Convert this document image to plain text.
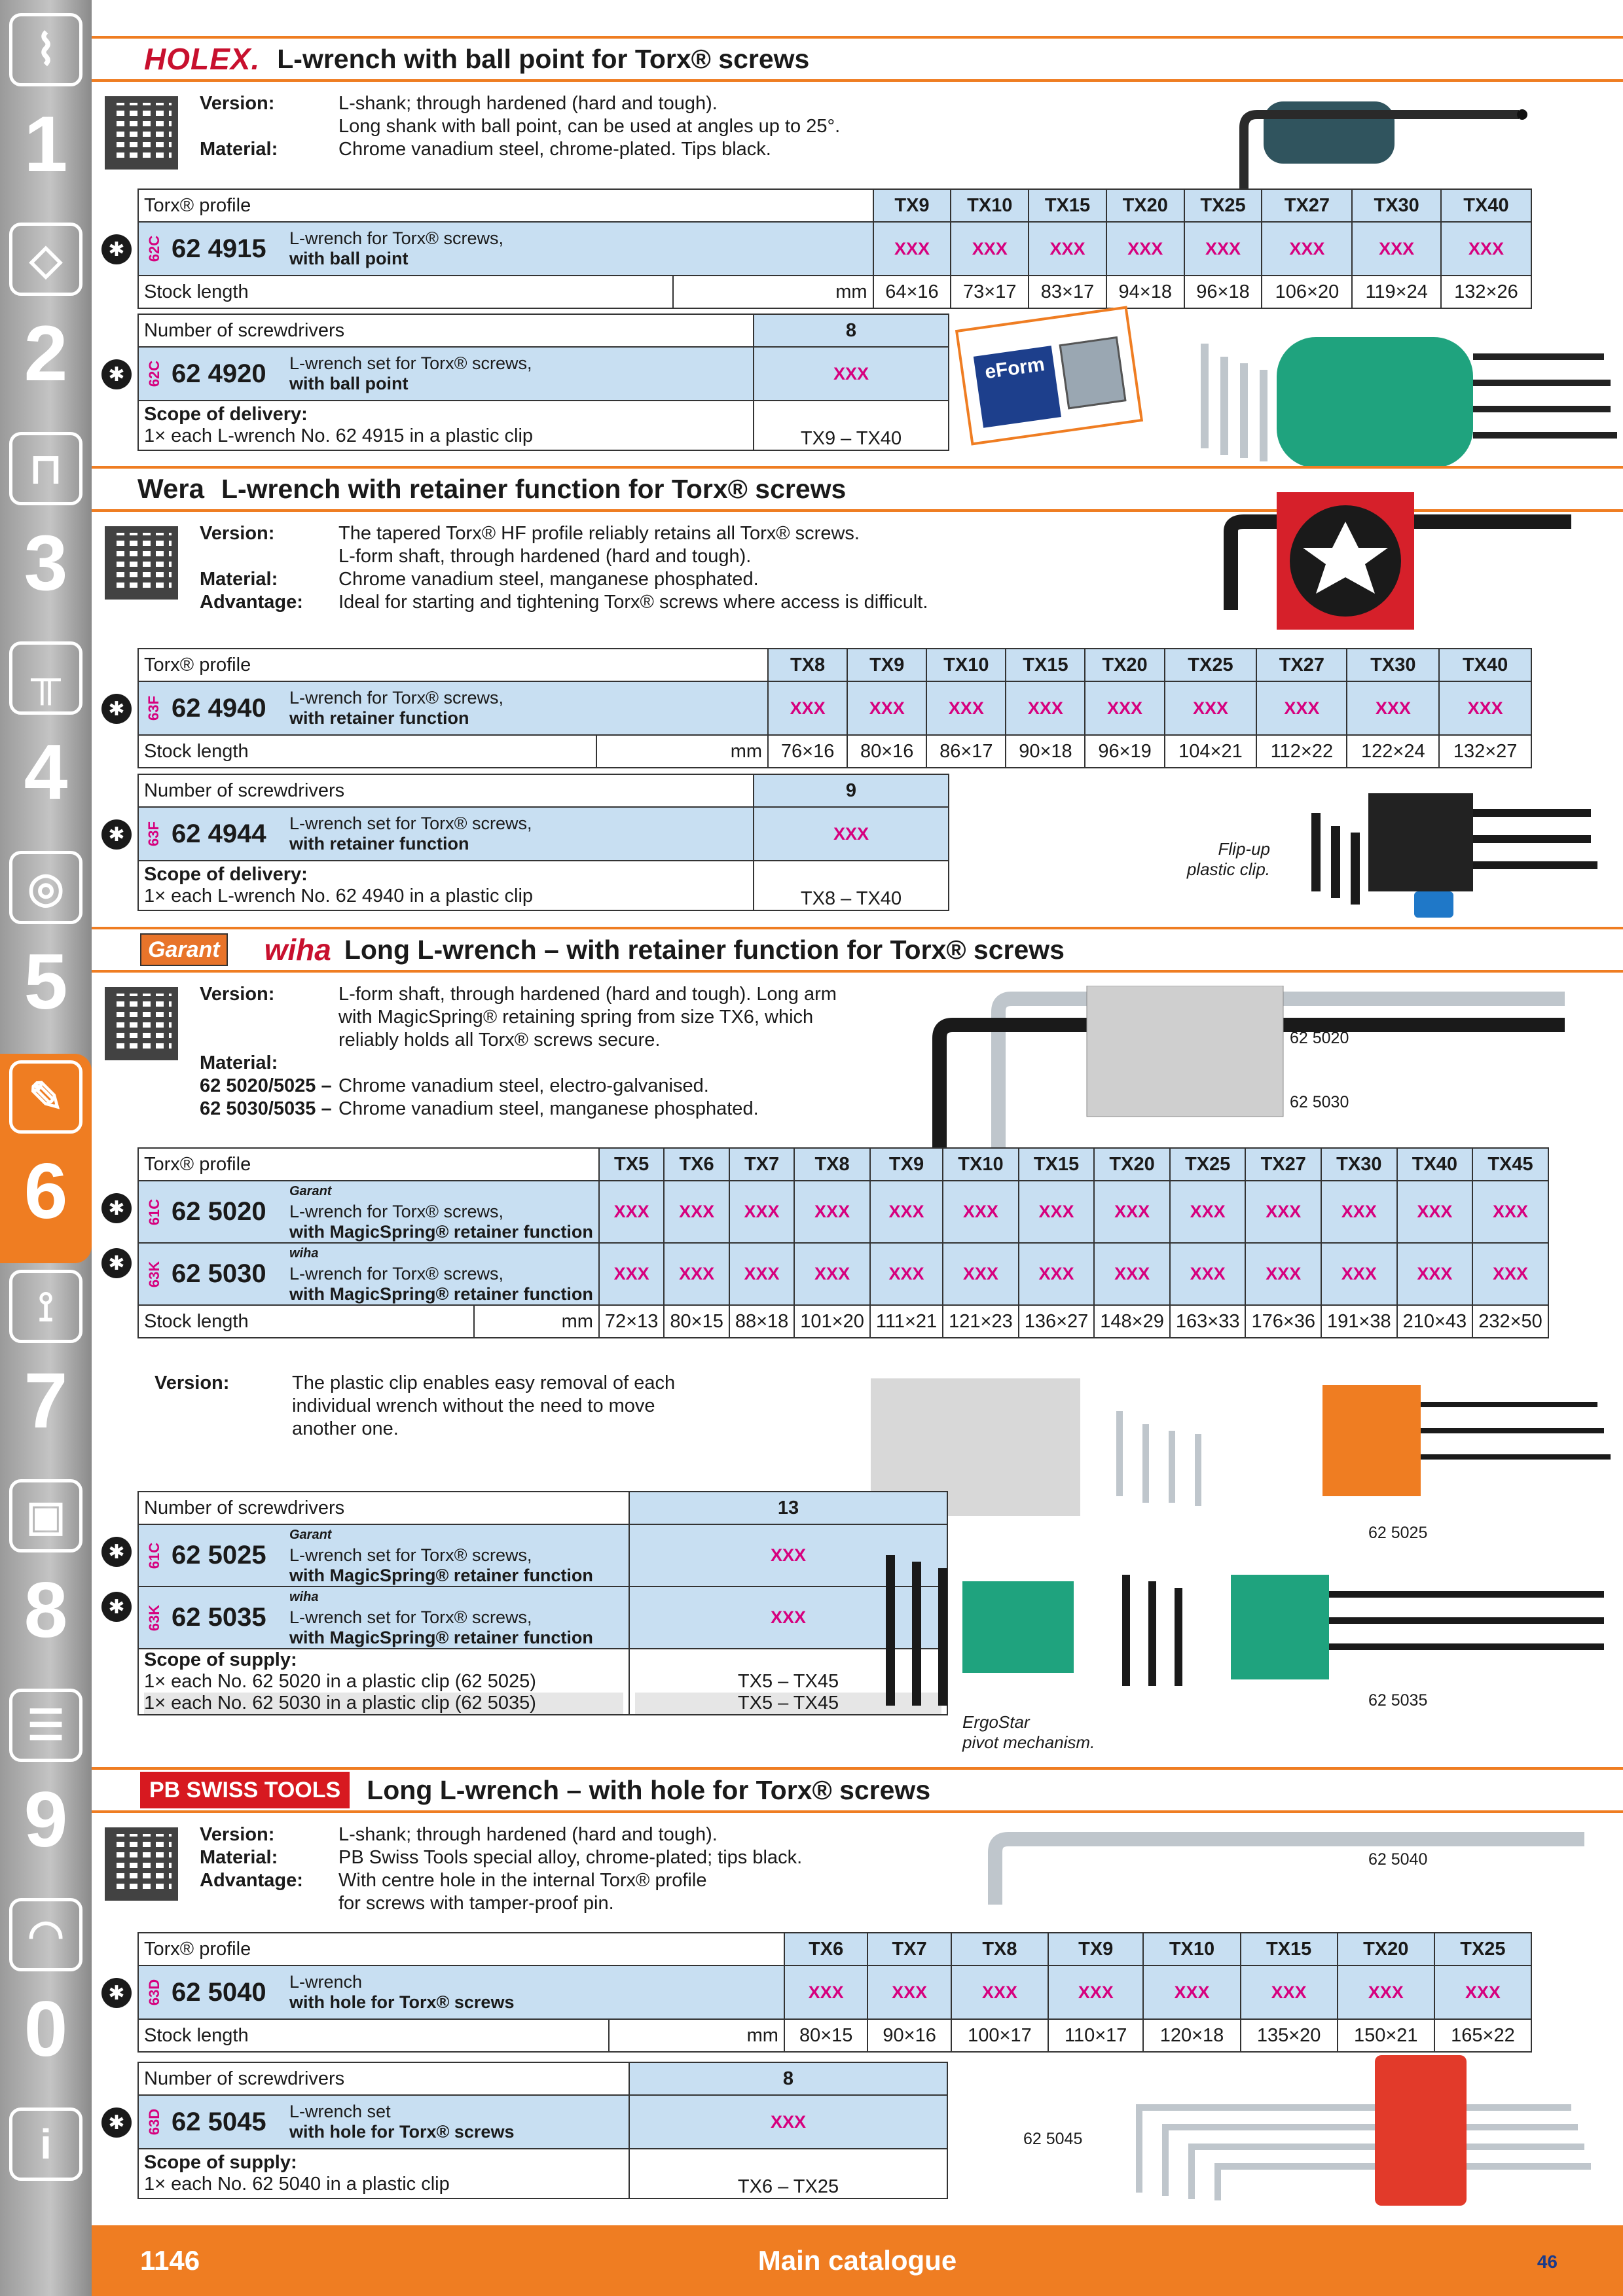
⌇
1
◇
2
⊓
3
╥
4
◎
5
✎
6
⟟
7
▣
8
☰
9
◠
0
i
HOLEX. L-wrench with ball point for Torx® screws
Version:	L-shank; through hardened (hard and tough).
Long shank with ball point, can be used at angles up to 25°.
Material:	Chrome vanadium steel, chrome-plated. Tips black.
Torx® profile		TX9	TX10	TX15	TX20	TX25	TX27	TX30	TX40

62C 62 4915 L-wrench for Torx® screws,
with ball point		XXX	XXX	XXX	XXX	XXX	XXX	XXX	XXX
Stock length	mm	64×16	73×17	83×17	94×18	96×18	106×20	119×24	132×26
Number of screwdrivers	8

62C 62 4920 L-wrench set for Torx® screws,
with ball point	XXX

Scope of delivery:
1× each L-wrench No. 62 4915 in a plastic clip	TX9 – TX40
eForm
Wera L-wrench with retainer function for Torx® screws
Version:	The tapered Torx® HF profile reliably retains all Torx® screws.
L-form shaft, through hardened (hard and tough).
Material:	Chrome vanadium steel, manganese phosphated.
Advantage:	Ideal for starting and tightening Torx® screws where access is difficult.
Torx® profile		TX8	TX9	TX10	TX15	TX20	TX25	TX27	TX30	TX40

63F 62 4940 L-wrench for Torx® screws,
with retainer function		XXX	XXX	XXX	XXX	XXX	XXX	XXX	XXX	XXX
Stock length	mm	76×16	80×16	86×17	90×18	96×19	104×21	112×22	122×24	132×27
Number of screwdrivers	9

63F 62 4944 L-wrench set for Torx® screws,
with retainer function	XXX

Scope of delivery:
1× each L-wrench No. 62 4940 in a plastic clip	TX8 – TX40
Flip-up
plastic clip.
Garant wiha Long L-wrench – with retainer function for Torx® screws
Version:	L-form shaft, through hardened (hard and tough). Long arm
with MagicSpring® retaining spring from size TX6, which
reliably holds all Torx® screws secure.
Material:
62 5020/5025 – Chrome vanadium steel, electro-galvanised.
62 5030/5035 – Chrome vanadium steel, manganese phosphated.
62 5020
62 5030
Torx® profile		TX5	TX6	TX7	TX8	TX9	TX10	TX15	TX20	TX25	TX27	TX30	TX40	TX45

61C 62 5020
Garant
L-wrench for Torx® screws,
with MagicSpring® retainer function		XXX	XXX	XXX	XXX	XXX	XXX	XXX	XXX	XXX	XXX	XXX	XXX	XXX

63K 62 5030
wiha
L-wrench for Torx® screws,
with MagicSpring® retainer function		XXX	XXX	XXX	XXX	XXX	XXX	XXX	XXX	XXX	XXX	XXX	XXX	XXX
Stock length	mm	72×13	80×15	88×18	101×20	111×21	121×23	136×27	148×29	163×33	176×36	191×38	210×43	232×50
Version:	The plastic clip enables easy removal of each
individual wrench without the need to move
another one.
62 5025
Number of screwdrivers	13

61C 62 5025
Garant
L-wrench set for Torx® screws,
with MagicSpring® retainer function	XXX

63K 62 5035
wiha
L-wrench set for Torx® screws,
with MagicSpring® retainer function	XXX

Scope of supply:
1× each No. 62 5020 in a plastic clip (62 5025)
1× each No. 62 5030 in a plastic clip (62 5035)	TX5 – TX45
TX5 – TX45
ErgoStar
pivot mechanism.
62 5035
PB SWISS TOOLS Long L-wrench – with hole for Torx® screws
Version:	L-shank; through hardened (hard and tough).
Material:	PB Swiss Tools special alloy, chrome-plated; tips black.
Advantage:	With centre hole in the internal Torx® profile
for screws with tamper-proof pin.
62 5040
Torx® profile		TX6	TX7	TX8	TX9	TX10	TX15	TX20	TX25

63D 62 5040 L-wrench
with hole for Torx® screws		XXX	XXX	XXX	XXX	XXX	XXX	XXX	XXX
Stock length	mm	80×15	90×16	100×17	110×17	120×18	135×20	150×21	165×22
Number of screwdrivers	8

63D 62 5045 L-wrench set
with hole for Torx® screws	XXX

Scope of supply:
1× each No. 62 5040 in a plastic clip	TX6 – TX25
62 5045
1146	Main catalogue	46
✱
✱
✱
✱
✱
✱
✱
✱
✱
✱
